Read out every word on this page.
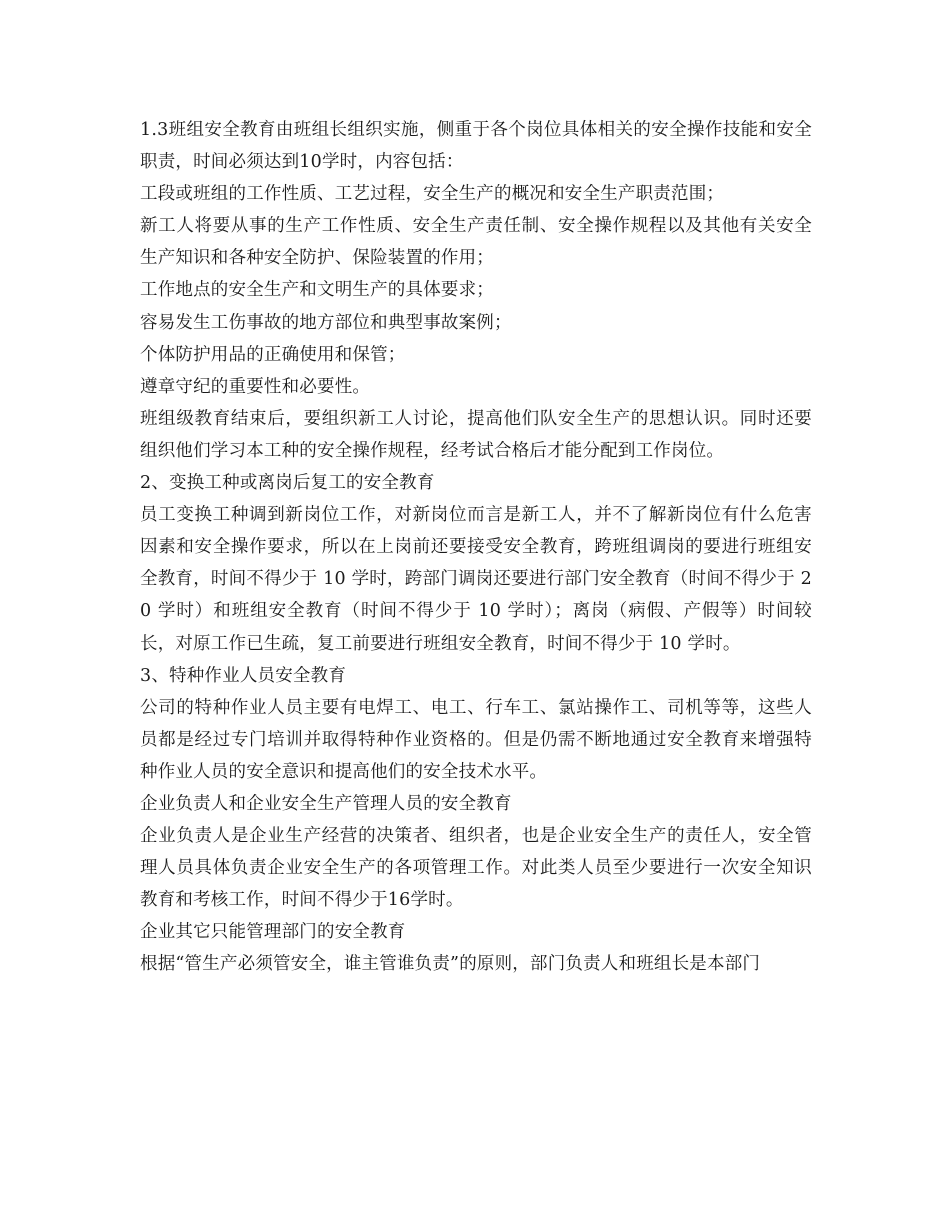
1.3班组安全教育由班组长组织实施，侧重于各个岗位具体相关的安全操作技能和安全职责，时间必须达到10学时，内容包括：

工段或班组的工作性质、工艺过程，安全生产的概况和安全生产职责范围；

新工人将要从事的生产工作性质、安全生产责任制、安全操作规程以及其他有关安全生产知识和各种安全防护、保险装置的作用；

工作地点的安全生产和文明生产的具体要求；

容易发生工伤事故的地方部位和典型事故案例；

个体防护用品的正确使用和保管；

遵章守纪的重要性和必要性。

班组级教育结束后，要组织新工人讨论，提高他们队安全生产的思想认识。同时还要组织他们学习本工种的安全操作规程，经考试合格后才能分配到工作岗位。

2、变换工种或离岗后复工的安全教育

员工变换工种调到新岗位工作，对新岗位而言是新工人，并不了解新岗位有什么危害因素和安全操作要求，所以在上岗前还要接受安全教育，跨班组调岗的要进行班组安全教育，时间不得少于 10 学时，跨部门调岗还要进行部门安全教育（时间不得少于 20 学时）和班组安全教育（时间不得少于 10 学时）；离岗（病假、产假等）时间较长，对原工作已生疏，复工前要进行班组安全教育，时间不得少于 10 学时。

3、特种作业人员安全教育

公司的特种作业人员主要有电焊工、电工、行车工、氯站操作工、司机等等，这些人员都是经过专门培训并取得特种作业资格的。但是仍需不断地通过安全教育来增强特种作业人员的安全意识和提高他们的安全技术水平。

企业负责人和企业安全生产管理人员的安全教育

企业负责人是企业生产经营的决策者、组织者，也是企业安全生产的责任人，安全管理人员具体负责企业安全生产的各项管理工作。对此类人员至少要进行一次安全知识教育和考核工作，时间不得少于16学时。

企业其它只能管理部门的安全教育

根据“管生产必须管安全，谁主管谁负责”的原则，部门负责人和班组长是本部门
